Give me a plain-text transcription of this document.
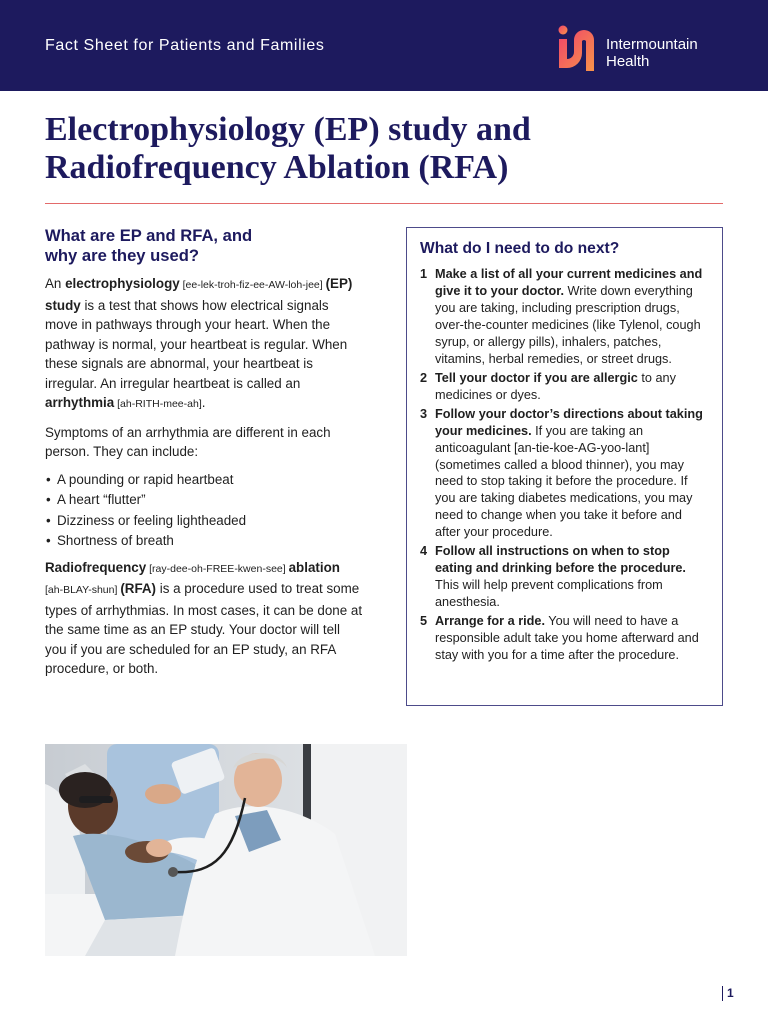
Fact Sheet for Patients and Families	Intermountain
Health
Electrophysiology (EP) study and
Radiofrequency Ablation (RFA)
What are EP and RFA, and
why are they used?

An electrophysiology [ee-lek-troh-fiz-ee-AW-loh-jee] (EP) study is a test that shows how electrical signals move in pathways through your heart. When the pathway is normal, your heartbeat is regular. When these signals are abnormal, your heartbeat is irregular. An irregular heartbeat is called an arrhythmia [ah-RITH-mee-ah].

Symptoms of an arrhythmia are different in each person. They can include:

• A pounding or rapid heartbeat
• A heart “flutter”
• Dizziness or feeling lightheaded
• Shortness of breath

Radiofrequency [ray-dee-oh-FREE-kwen-see] ablation
[ah-BLAY-shun] (RFA) is a procedure used to treat some types of arrhythmias. In most cases, it can be done at the same time as an EP study. Your doctor will tell you if you are scheduled for an EP study, an RFA procedure, or both.

What do I need to do next?
1 Make a list of all your current medicines and give it to your doctor. Write down everything you are taking, including prescription drugs, over-the-counter medicines (like Tylenol, cough syrup, or allergy pills), inhalers, patches, vitamins, herbal remedies, or street drugs.
2 Tell your doctor if you are allergic to any medicines or dyes.
3 Follow your doctor’s directions about taking your medicines. If you are taking an anticoagulant [an-tie-koe-AG-yoo-lant] (sometimes called a blood thinner), you may need to stop taking it before the procedure. If you are taking diabetes medications, you may need to change when you take it before and after your procedure.
4 Follow all instructions on when to stop eating and drinking before the procedure. This will help prevent complications from anesthesia.
5 Arrange for a ride. You will need to have a responsible adult take you home afterward and stay with you for a time after the procedure.
1
